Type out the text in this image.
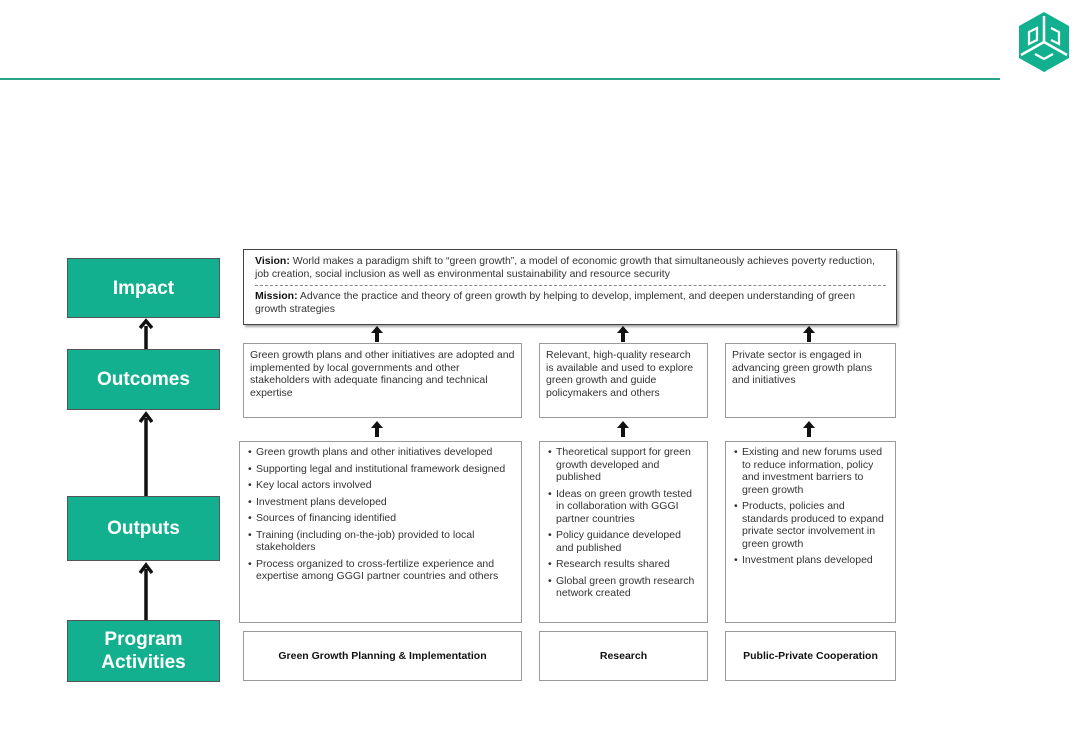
GGGI
Impact
Outcomes
Outputs
Program Activities
Vision: World makes a paradigm shift to “green growth”, a model of economic growth that simultaneously achieves poverty reduction, job creation, social inclusion as well as environmental sustainability and resource security
Mission: Advance the practice and theory of green growth by helping to develop, implement, and deepen understanding of green growth strategies
Green growth plans and other initiatives are adopted and implemented by local governments and other stakeholders with adequate financing and technical expertise
Relevant, high-quality research is available and used to explore green growth and guide policymakers and others
Private sector is engaged in advancing green growth plans and initiatives
• Green growth plans and other initiatives developed
• Supporting legal and institutional framework designed
• Key local actors involved
• Investment plans developed
• Sources of financing identified
• Training (including on-the-job) provided to local stakeholders
• Process organized to cross-fertilize experience and expertise among GGGI partner countries and others
• Theoretical support for green growth developed and published
• Ideas on green growth tested in collaboration with GGGI partner countries
• Policy guidance developed and published
• Research results shared
• Global green growth research network created
• Existing and new forums used to reduce information, policy and investment barriers to green growth
• Products, policies and standards produced to expand private sector involvement in green growth
• Investment plans developed
Green Growth Planning & Implementation	Research	Public-Private Cooperation
